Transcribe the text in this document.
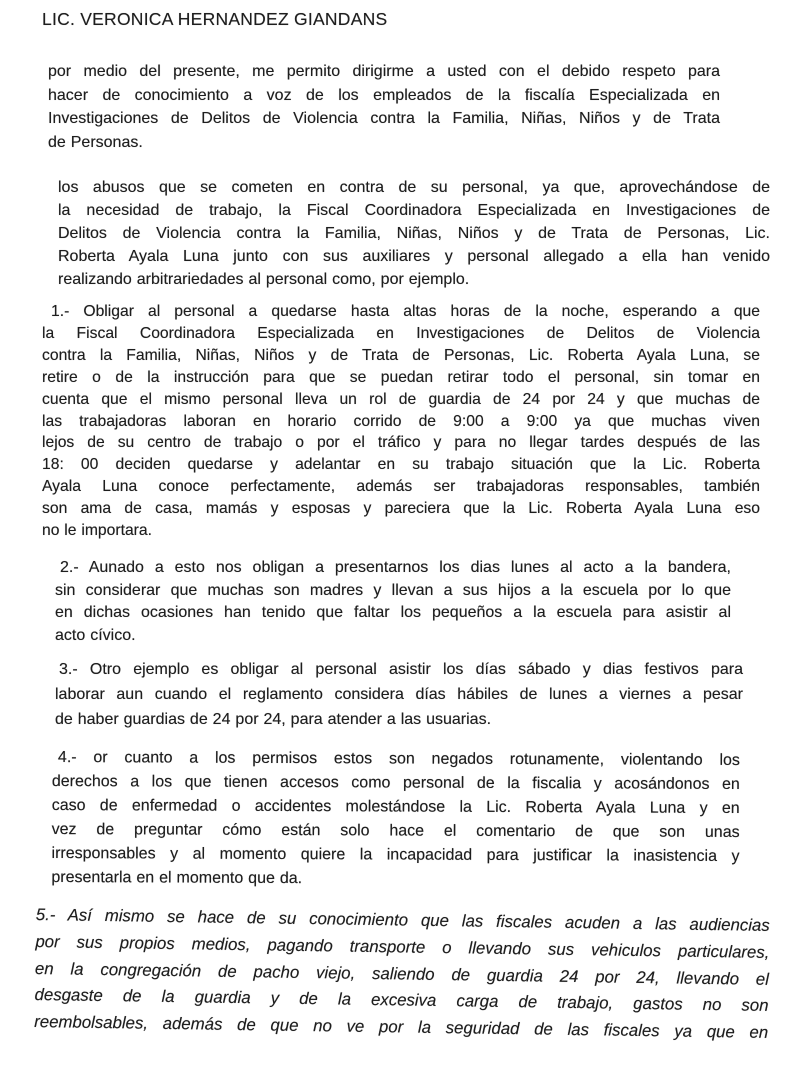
LIC. VERONICA HERNANDEZ GIANDANS
por medio del presente, me permito dirigirme a usted con el debido respeto para
hacer de conocimiento a voz de los empleados de la fiscalía Especializada en
Investigaciones de Delitos de Violencia contra la Familia, Niñas, Niños y de Trata
de Personas.
los abusos que se cometen en contra de su personal, ya que, aprovechándose de
la necesidad de trabajo, la Fiscal Coordinadora Especializada en Investigaciones de
Delitos de Violencia contra la Familia, Niñas, Niños y de Trata de Personas, Lic.
Roberta Ayala Luna junto con sus auxiliares y personal allegado a ella han venido
realizando arbitrariedades al personal como, por ejemplo.
1.- Obligar al personal a quedarse hasta altas horas de la noche, esperando a que
la Fiscal Coordinadora Especializada en Investigaciones de Delitos de Violencia
contra la Familia, Niñas, Niños y de Trata de Personas, Lic. Roberta Ayala Luna, se
retire o de la instrucción para que se puedan retirar todo el personal, sin tomar en
cuenta que el mismo personal lleva un rol de guardia de 24 por 24 y que muchas de
las trabajadoras laboran en horario corrido de 9:00 a 9:00 ya que muchas viven
lejos de su centro de trabajo o por el tráfico y para no llegar tardes después de las
18: 00 deciden quedarse y adelantar en su trabajo situación que la Lic. Roberta
Ayala Luna conoce perfectamente, además ser trabajadoras responsables, también
son ama de casa, mamás y esposas y pareciera que la Lic. Roberta Ayala Luna eso
no le importara.
2.- Aunado a esto nos obligan a presentarnos los dias lunes al acto a la bandera,
sin considerar que muchas son madres y llevan a sus hijos a la escuela por lo que
en dichas ocasiones han tenido que faltar los pequeños a la escuela para asistir al
acto cívico.
3.- Otro ejemplo es obligar al personal asistir los días sábado y dias festivos para
laborar aun cuando el reglamento considera días hábiles de lunes a viernes a pesar
de haber guardias de 24 por 24, para atender a las usuarias.
4.- or cuanto a los permisos estos son negados rotunamente, violentando los
derechos a los que tienen accesos como personal de la fiscalia y acosándonos en
caso de enfermedad o accidentes molestándose la Lic. Roberta Ayala Luna y en
vez de preguntar cómo están solo hace el comentario de que son unas
irresponsables y al momento quiere la incapacidad para justificar la inasistencia y
presentarla en el momento que da.
5.- Así mismo se hace de su conocimiento que las fiscales acuden a las audiencias
por sus propios medios, pagando transporte o llevando sus vehiculos particulares,
en la congregación de pacho viejo, saliendo de guardia 24 por 24, llevando el
desgaste de la guardia y de la excesiva carga de trabajo, gastos no son
reembolsables, además de que no ve por la seguridad de las fiscales ya que en
